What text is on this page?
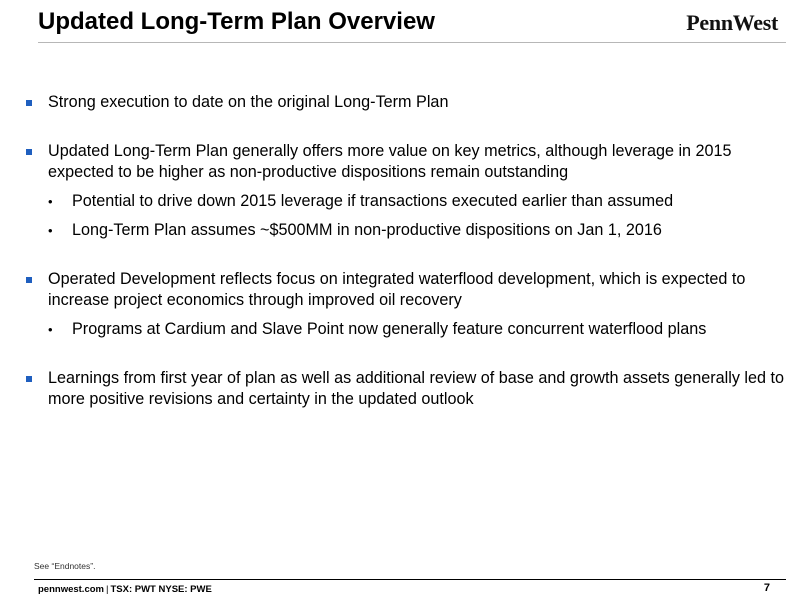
Updated Long-Term Plan Overview	PennWest
Strong execution to date on the original Long-Term Plan
Updated Long-Term Plan generally offers more value on key metrics, although leverage in 2015 expected to be higher as non-productive dispositions remain outstanding
• Potential to drive down 2015 leverage if transactions executed earlier than assumed
• Long-Term Plan assumes ~$500MM in non-productive dispositions on Jan 1, 2016
Operated Development reflects focus on integrated waterflood development, which is expected to increase project economics through improved oil recovery
• Programs at Cardium and Slave Point now generally feature concurrent waterflood plans
Learnings from first year of plan as well as additional review of base and growth assets generally led to more positive revisions and certainty in the updated outlook
See “Endnotes”.
pennwest.com | TSX: PWT NYSE: PWE	7
